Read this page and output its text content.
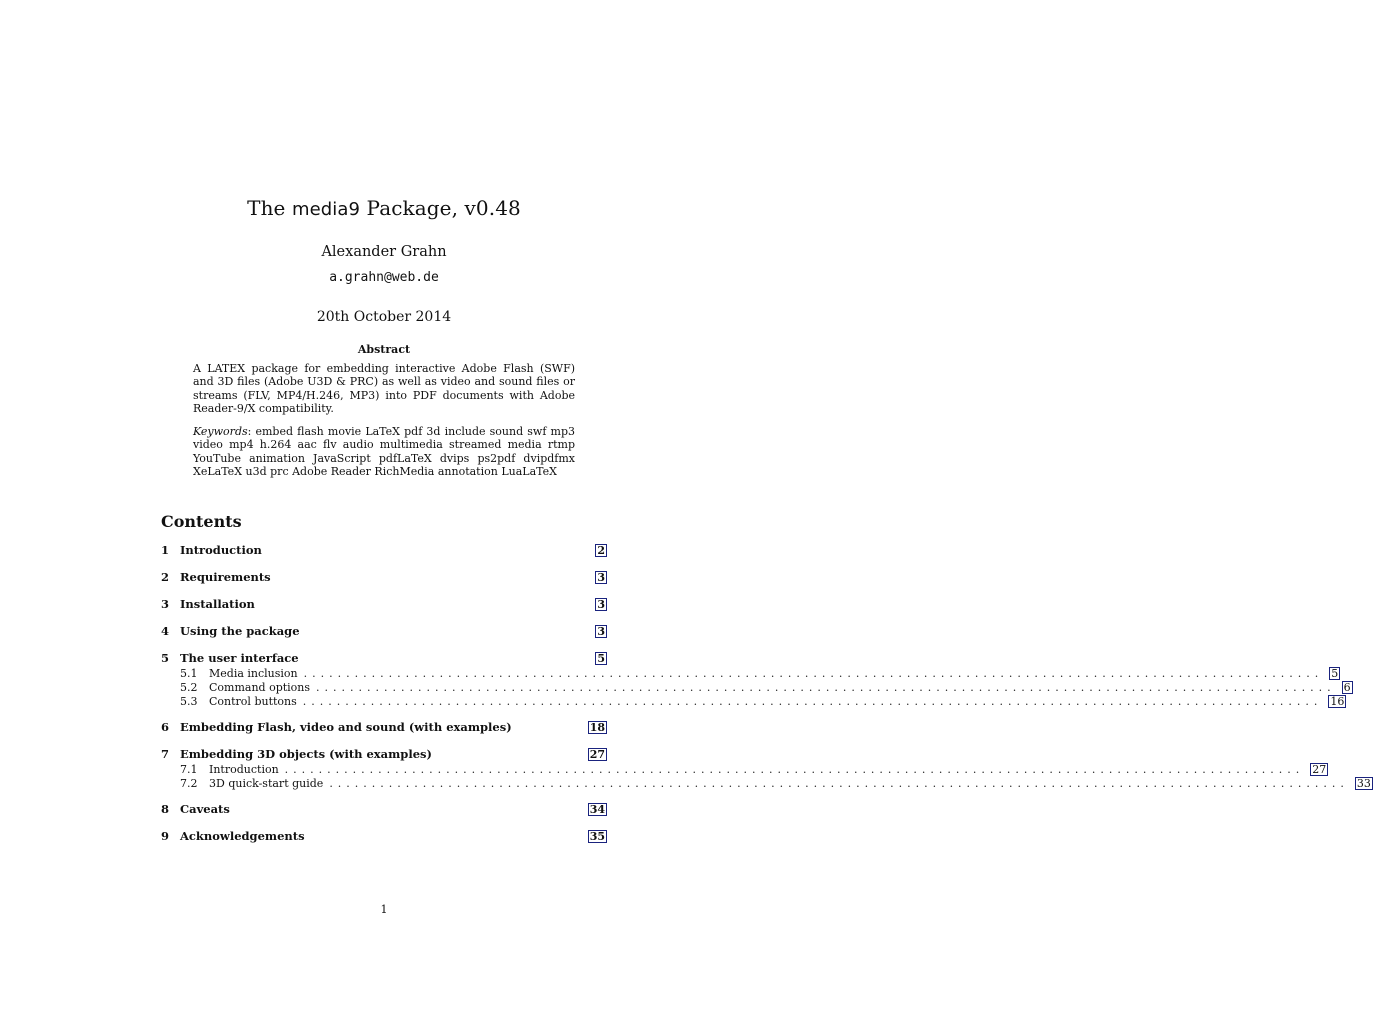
The media9 Package, v0.48
Alexander Grahn
a.grahn@web.de
20th October 2014
Abstract

A LATEX package for embedding interactive Adobe Flash (SWF) and 3D files (Adobe U3D & PRC) as well as video and sound files or streams (FLV, MP4/H.246, MP3) into PDF documents with Adobe Reader-9/X compatibility.

Keywords: embed flash movie LaTeX pdf 3d include sound swf mp3 video mp4 h.264 aac flv audio multimedia streamed media rtmp YouTube animation JavaScript pdfLaTeX dvips ps2pdf dvipdfmx XeLaTeX u3d prc Adobe Reader RichMedia annotation LuaLaTeX

Contents
1 Introduction	2
2 Requirements	3
3 Installation	3
4 Using the package	3
5 The user interface	5
5.1	Media inclusion ........................................................................................................................ 5
5.2	Command options ........................................................................................................................ 6
5.3	Control buttons ........................................................................................................................ 16
6 Embedding Flash, video and sound (with examples)	18
7 Embedding 3D objects (with examples)	27
7.1	Introduction ........................................................................................................................ 27
7.2	3D quick-start guide ........................................................................................................................ 33
8 Caveats	34
9 Acknowledgements	35
1
